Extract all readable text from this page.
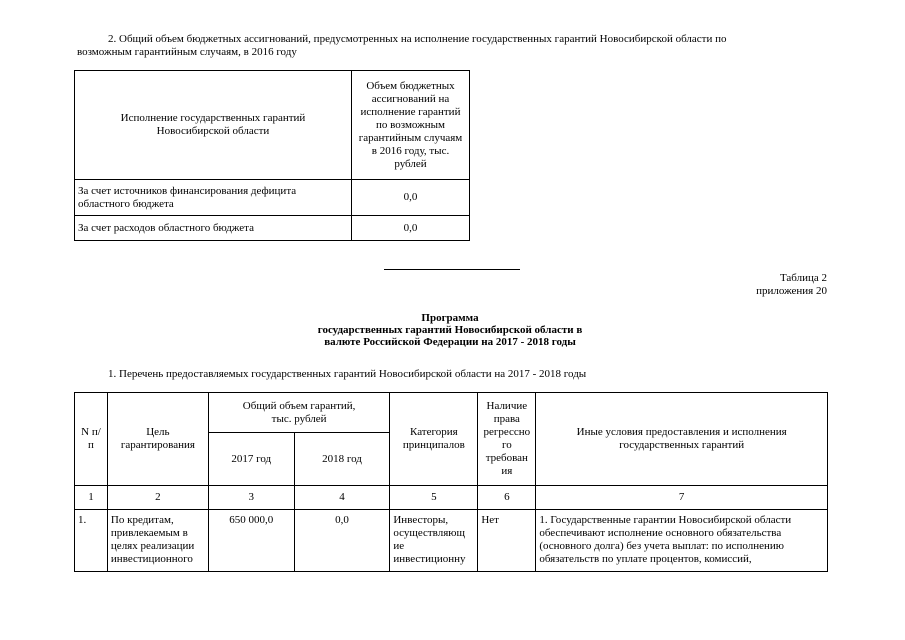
2. Общий объем бюджетных ассигнований, предусмотренных на исполнение государственных гарантий Новосибирской области по

возможным гарантийным случаям, в 2016 году

Исполнение государственных гарантий Новосибирской области	Объем бюджетных ассигнований на исполнение гарантий по возможным гарантийным случаям в 2016 году, тыс. рублей
За счет источников финансирования дефицита областного бюджета	0,0
За счет расходов областного бюджета	0,0

Таблица 2

приложения 20

Программа

государственных гарантий Новосибирской области в

валюте Российской Федерации на 2017 - 2018 годы

1. Перечень предоставляемых государственных гарантий Новосибирской области на 2017 - 2018 годы

N п/п	Цель гарантирования	Общий объем гарантий, тыс. рублей		Категория принципалов	Наличие права регрессно го требован ия	Иные условия предоставления и исполнения государственных гарантий
		2017 год	2018 год			
1	2	3	4	5	6	7
1.	По кредитам, привлекаемым в целях реализации инвестиционного	650 000,0	0,0	Инвесторы, осуществляющ ие инвестиционну	Нет	1. Государственные гарантии Новосибирской области

обеспечивают исполнение основного обязательства

(основного долга) без учета выплат: по исполнению

обязательств по уплате процентов, комиссий,
